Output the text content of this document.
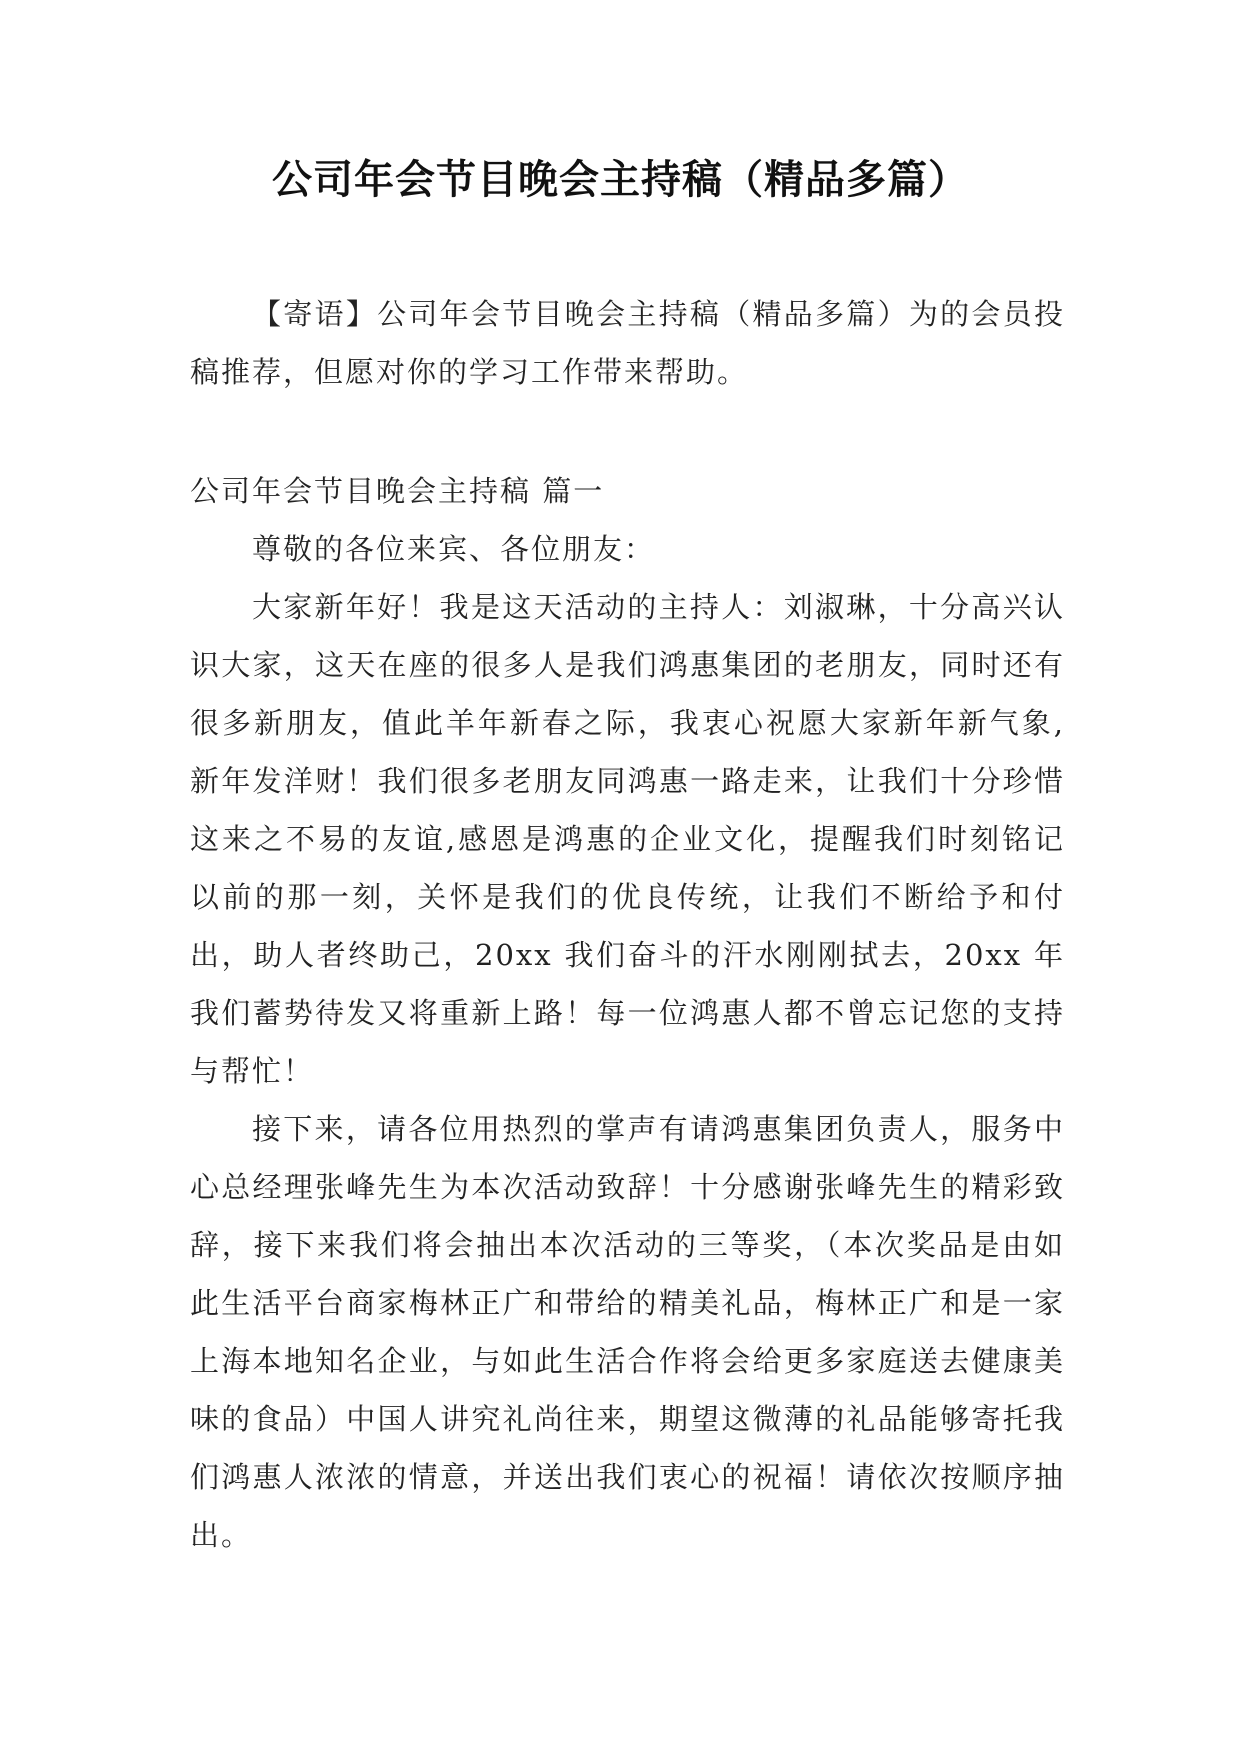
公司年会节目晚会主持稿（精品多篇）

【寄语】公司年会节目晚会主持稿（精品多篇）为的会员投稿推荐，但愿对你的学习工作带来帮助。

公司年会节目晚会主持稿 篇一

尊敬的各位来宾、各位朋友：

大家新年好！我是这天活动的主持人：刘淑琳，十分高兴认识大家，这天在座的很多人是我们鸿惠集团的老朋友，同时还有很多新朋友，值此羊年新春之际，我衷心祝愿大家新年新气象,新年发洋财！我们很多老朋友同鸿惠一路走来，让我们十分珍惜这来之不易的友谊,感恩是鸿惠的企业文化，提醒我们时刻铭记以前的那一刻，关怀是我们的优良传统，让我们不断给予和付出，助人者终助己，20xx 我们奋斗的汗水刚刚拭去，20xx 年我们蓄势待发又将重新上路！每一位鸿惠人都不曾忘记您的支持与帮忙！

接下来，请各位用热烈的掌声有请鸿惠集团负责人，服务中心总经理张峰先生为本次活动致辞！十分感谢张峰先生的精彩致辞，接下来我们将会抽出本次活动的三等奖，（本次奖品是由如此生活平台商家梅林正广和带给的精美礼品，梅林正广和是一家上海本地知名企业，与如此生活合作将会给更多家庭送去健康美味的食品）中国人讲究礼尚往来，期望这微薄的礼品能够寄托我们鸿惠人浓浓的情意，并送出我们衷心的祝福！请依次按顺序抽出。
